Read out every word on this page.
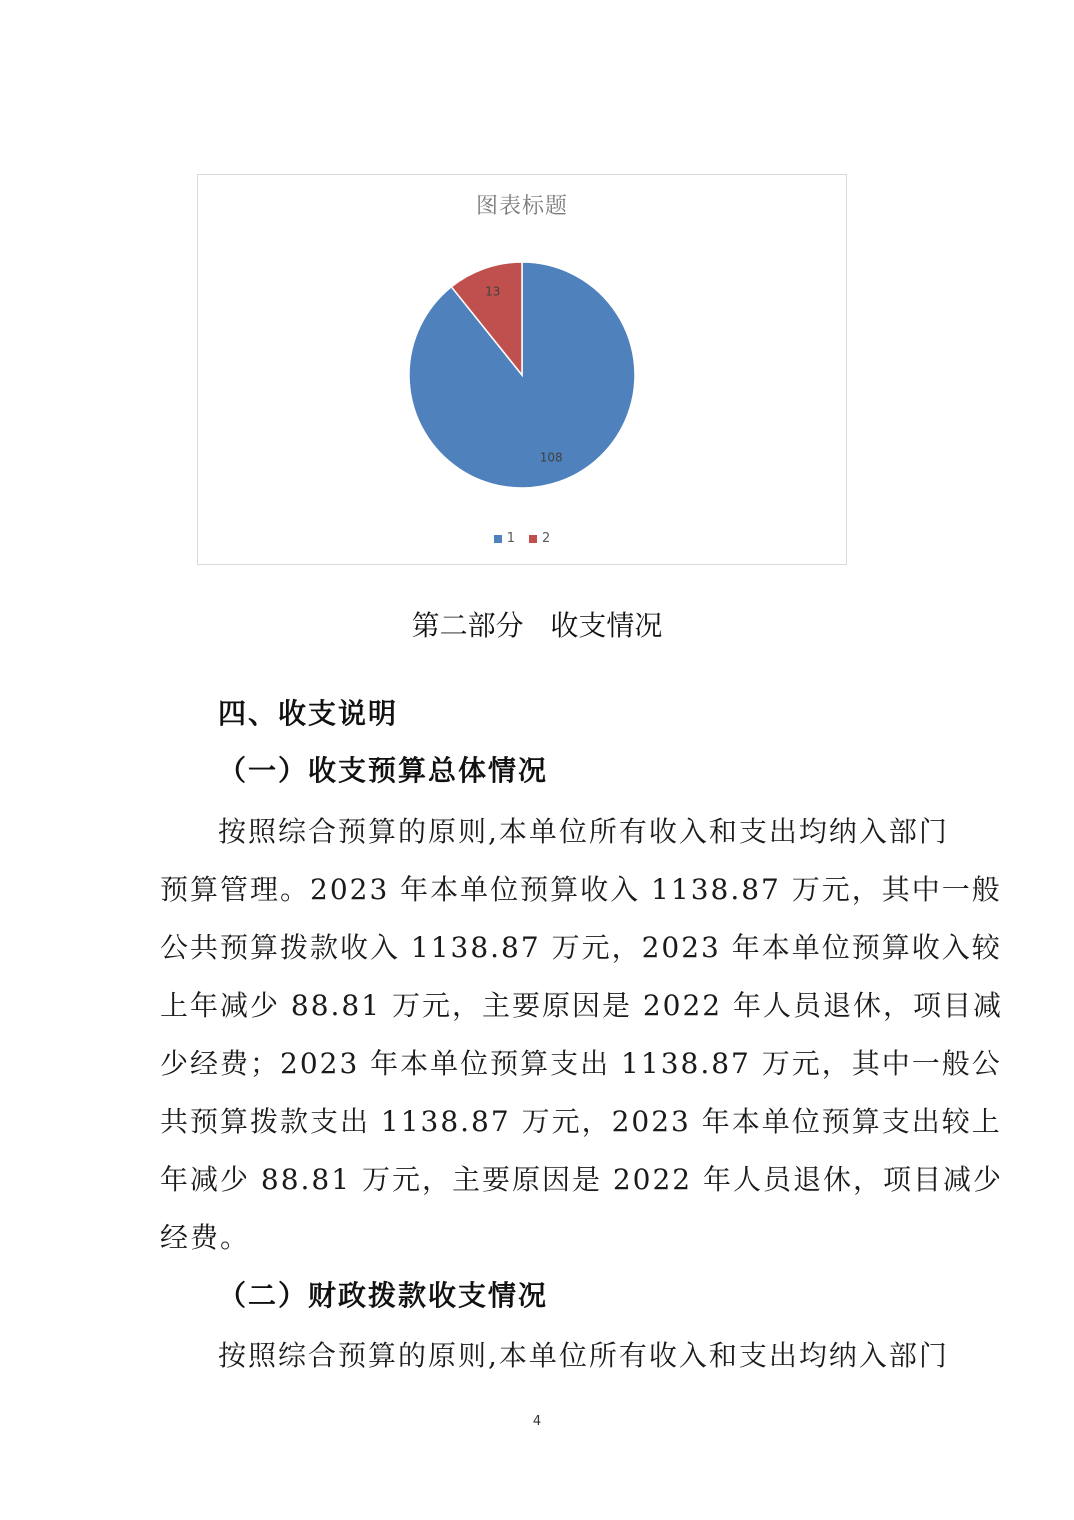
图表标题
108
13
1 2
第二部分   收支情况
四、收支说明
（一）收支预算总体情况
按照综合预算的原则,本单位所有收入和支出均纳入部门
预算管理。2023 年本单位预算收入 1138.87 万元，其中一般
公共预算拨款收入 1138.87 万元，2023 年本单位预算收入较
上年减少 88.81 万元，主要原因是 2022 年人员退休，项目减
少经费；2023 年本单位预算支出 1138.87 万元，其中一般公
共预算拨款支出 1138.87 万元，2023 年本单位预算支出较上
年减少 88.81 万元，主要原因是 2022 年人员退休，项目减少
经费。
（二）财政拨款收支情况
按照综合预算的原则,本单位所有收入和支出均纳入部门
4
